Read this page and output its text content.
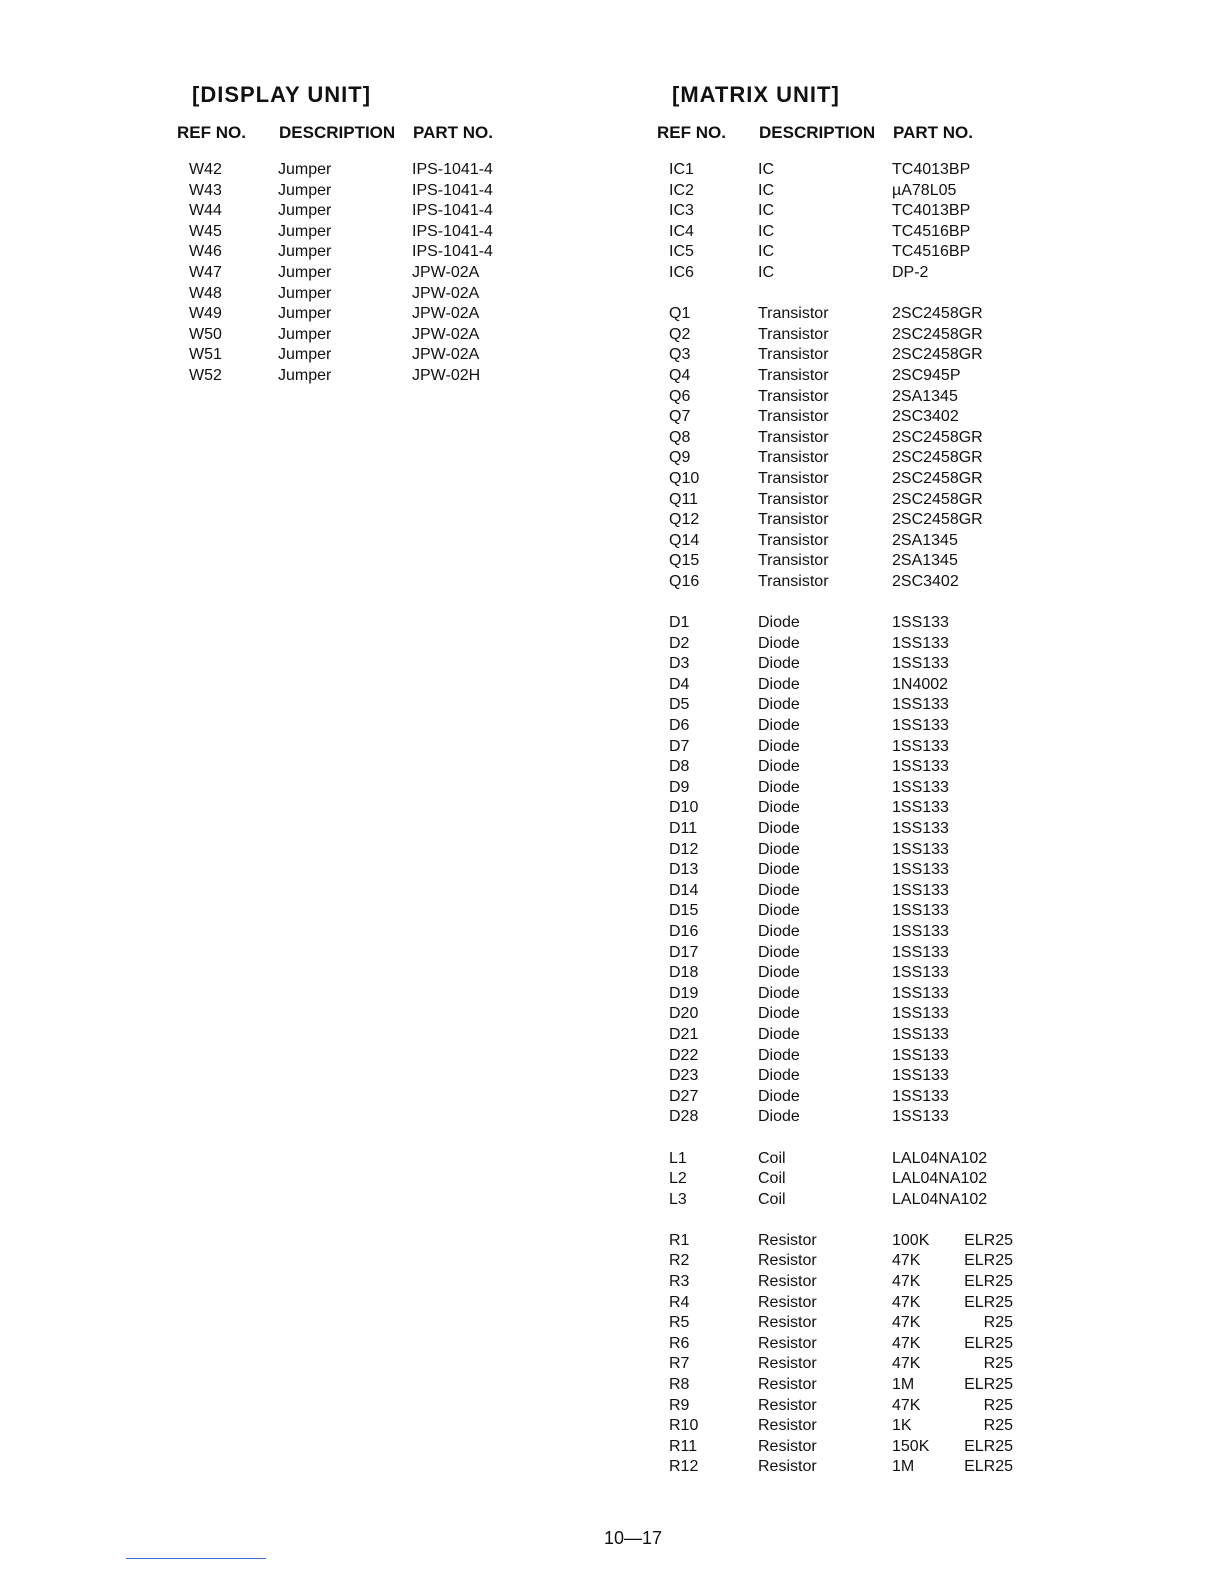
[DISPLAY UNIT]
REF NO. DESCRIPTION PART NO.
W42	Jumper	IPS-1041-4
W43	Jumper	IPS-1041-4
W44	Jumper	IPS-1041-4
W45	Jumper	IPS-1041-4
W46	Jumper	IPS-1041-4
W47	Jumper	JPW-02A
W48	Jumper	JPW-02A
W49	Jumper	JPW-02A
W50	Jumper	JPW-02A
W51	Jumper	JPW-02A
W52	Jumper	JPW-02H
[MATRIX UNIT]
REF NO. DESCRIPTION PART NO.
IC1	IC	TC4013BP
IC2	IC	µA78L05
IC3	IC	TC4013BP
IC4	IC	TC4516BP
IC5	IC	TC4516BP
IC6	IC	DP-2
Q1	Transistor	2SC2458GR
Q2	Transistor	2SC2458GR
Q3	Transistor	2SC2458GR
Q4	Transistor	2SC945P
Q6	Transistor	2SA1345
Q7	Transistor	2SC3402
Q8	Transistor	2SC2458GR
Q9	Transistor	2SC2458GR
Q10	Transistor	2SC2458GR
Q11	Transistor	2SC2458GR
Q12	Transistor	2SC2458GR
Q14	Transistor	2SA1345
Q15	Transistor	2SA1345
Q16	Transistor	2SC3402
D1	Diode	1SS133
D2	Diode	1SS133
D3	Diode	1SS133
D4	Diode	1N4002
D5	Diode	1SS133
D6	Diode	1SS133
D7	Diode	1SS133
D8	Diode	1SS133
D9	Diode	1SS133
D10	Diode	1SS133
D11	Diode	1SS133
D12	Diode	1SS133
D13	Diode	1SS133
D14	Diode	1SS133
D15	Diode	1SS133
D16	Diode	1SS133
D17	Diode	1SS133
D18	Diode	1SS133
D19	Diode	1SS133
D20	Diode	1SS133
D21	Diode	1SS133
D22	Diode	1SS133
D23	Diode	1SS133
D27	Diode	1SS133
D28	Diode	1SS133
L1	Coil	LAL04NA102
L2	Coil	LAL04NA102
L3	Coil	LAL04NA102
R1	Resistor	100K	ELR25
R2	Resistor	47K	ELR25
R3	Resistor	47K	ELR25
R4	Resistor	47K	ELR25
R5	Resistor	47K	R25
R6	Resistor	47K	ELR25
R7	Resistor	47K	R25
R8	Resistor	1M	ELR25
R9	Resistor	47K	R25
R10	Resistor	1K	R25
R11	Resistor	150K	ELR25
R12	Resistor	1M	ELR25
10—17
